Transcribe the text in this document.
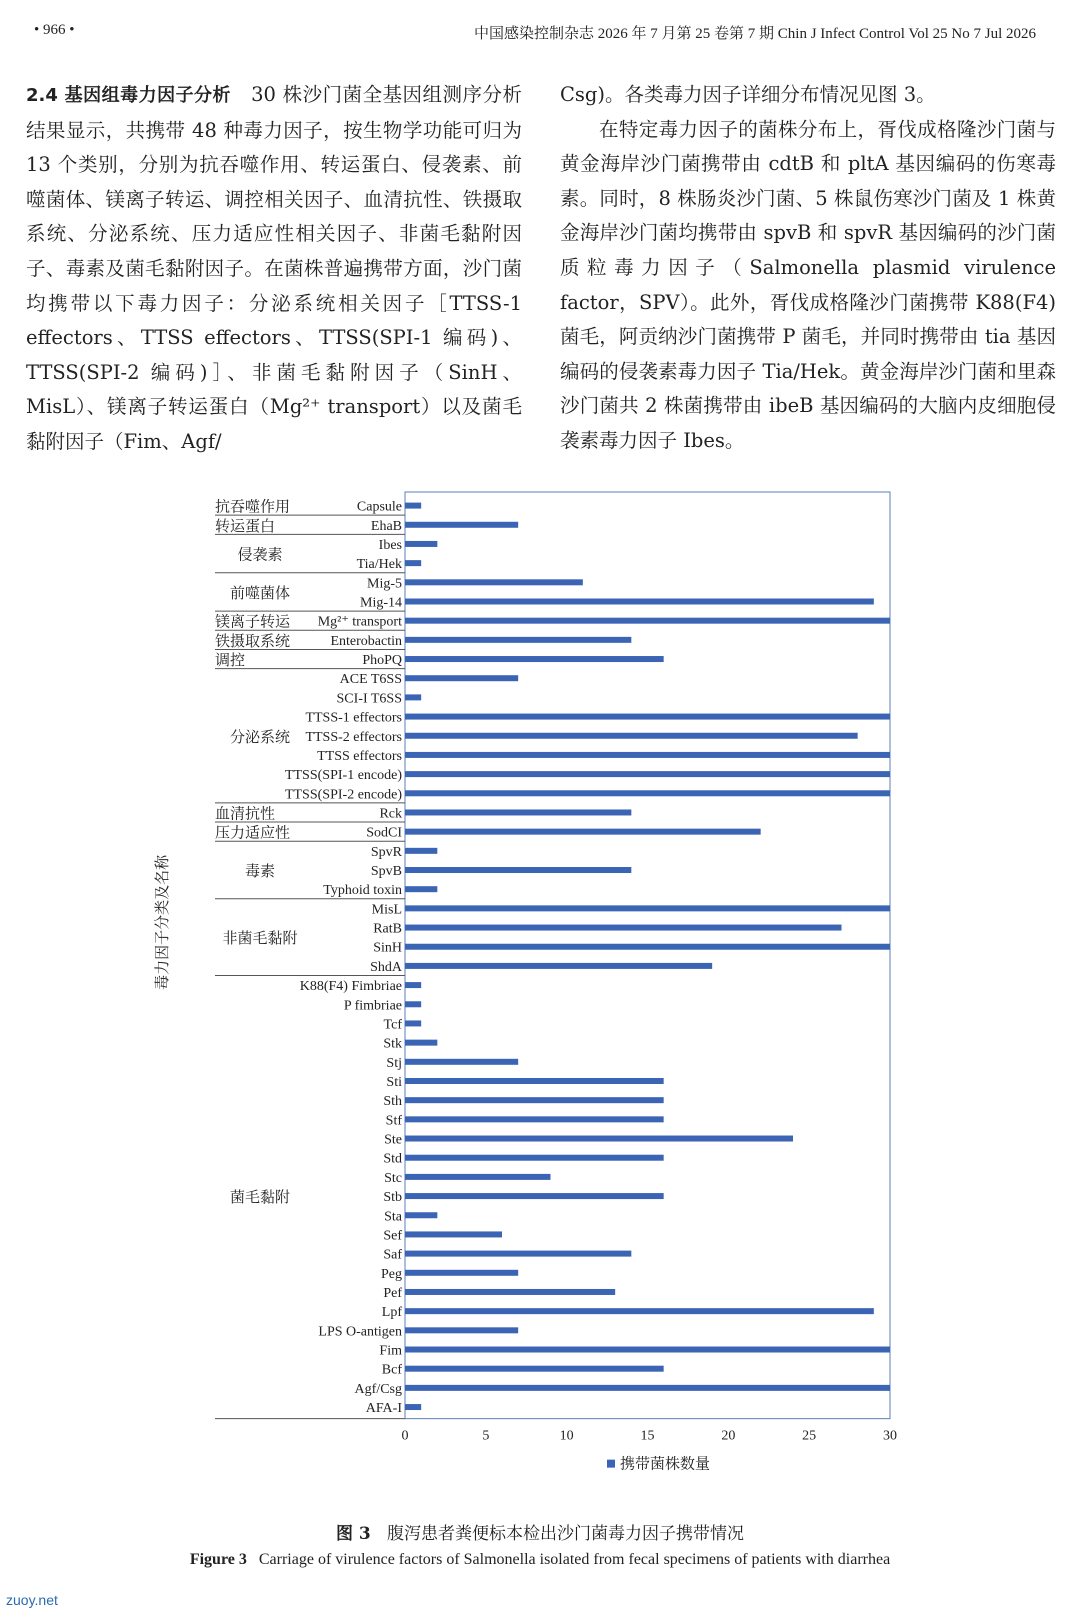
• 966 •	中国感染控制杂志 2026 年 7 月第 25 卷第 7 期 Chin J Infect Control Vol 25 No 7 Jul 2026

2.4 基因组毒力因子分析 30 株沙门菌全基因组测序分析结果显示，共携带 48 种毒力因子，按生物学功能可归为 13 个类别，分别为抗吞噬作用、转运蛋白、侵袭素、前噬菌体、镁离子转运、调控相关因子、血清抗性、铁摄取系统、分泌系统、压力适应性相关因子、非菌毛黏附因子、毒素及菌毛黏附因子。在菌株普遍携带方面，沙门菌均携带以下毒力因子：分泌系统相关因子［TTSS-1 effectors、TTSS effectors、TTSS(SPI-1 编码)、TTSS(SPI-2 编码)］、非菌毛黏附因子（SinH、MisL）、镁离子转运蛋白（Mg²⁺ transport）以及菌毛黏附因子（Fim、Agf/

Csg)。各类毒力因子详细分布情况见图 3。

在特定毒力因子的菌株分布上，胥伐成格隆沙门菌与黄金海岸沙门菌携带由 cdtB 和 pltA 基因编码的伤寒毒素。同时，8 株肠炎沙门菌、5 株鼠伤寒沙门菌及 1 株黄金海岸沙门菌均携带由 spvB 和 spvR 基因编码的沙门菌质粒毒力因子（Salmonella plasmid virulence factor，SPV）。此外，胥伐成格隆沙门菌携带 K88(F4) 菌毛，阿贡纳沙门菌携带 P 菌毛，并同时携带由 tia 基因编码的侵袭素毒力因子 Tia/Hek。黄金海岸沙门菌和里森沙门菌共 2 株菌携带由 ibeB 基因编码的大脑内皮细胞侵袭素毒力因子 Ibes。

Capsule
EhaB
Ibes
Tia/Hek
Mig-5
Mig-14
Mg²⁺ transport
Enterobactin
PhoPQ
ACE T6SS
SCI-I T6SS
TTSS-1 effectors
TTSS-2 effectors
TTSS effectors
TTSS(SPI-1 encode)
TTSS(SPI-2 encode)
Rck
SodCI
SpvR
SpvB
Typhoid toxin
MisL
RatB
SinH
ShdA
K88(F4) Fimbriae
P fimbriae
Tcf
Stk
Stj
Sti
Sth
Stf
Ste
Std
Stc
Stb
Sta
Sef
Saf
Peg
Pef
Lpf
LPS O-antigen
Fim
Bcf
Agf/Csg
AFA-I
抗吞噬作用
转运蛋白
侵袭素
前噬菌体
镁离子转运
铁摄取系统
调控
分泌系统
血清抗性
压力适应性
毒素
非菌毛黏附
菌毛黏附
0	5	10	15	20	25	30
毒力因子分类及名称
携带菌株数量
图 3 腹泻患者粪便标本检出沙门菌毒力因子携带情况
Figure 3 Carriage of virulence factors of Salmonella isolated from fecal specimens of patients with diarrhea
zuoy.net
